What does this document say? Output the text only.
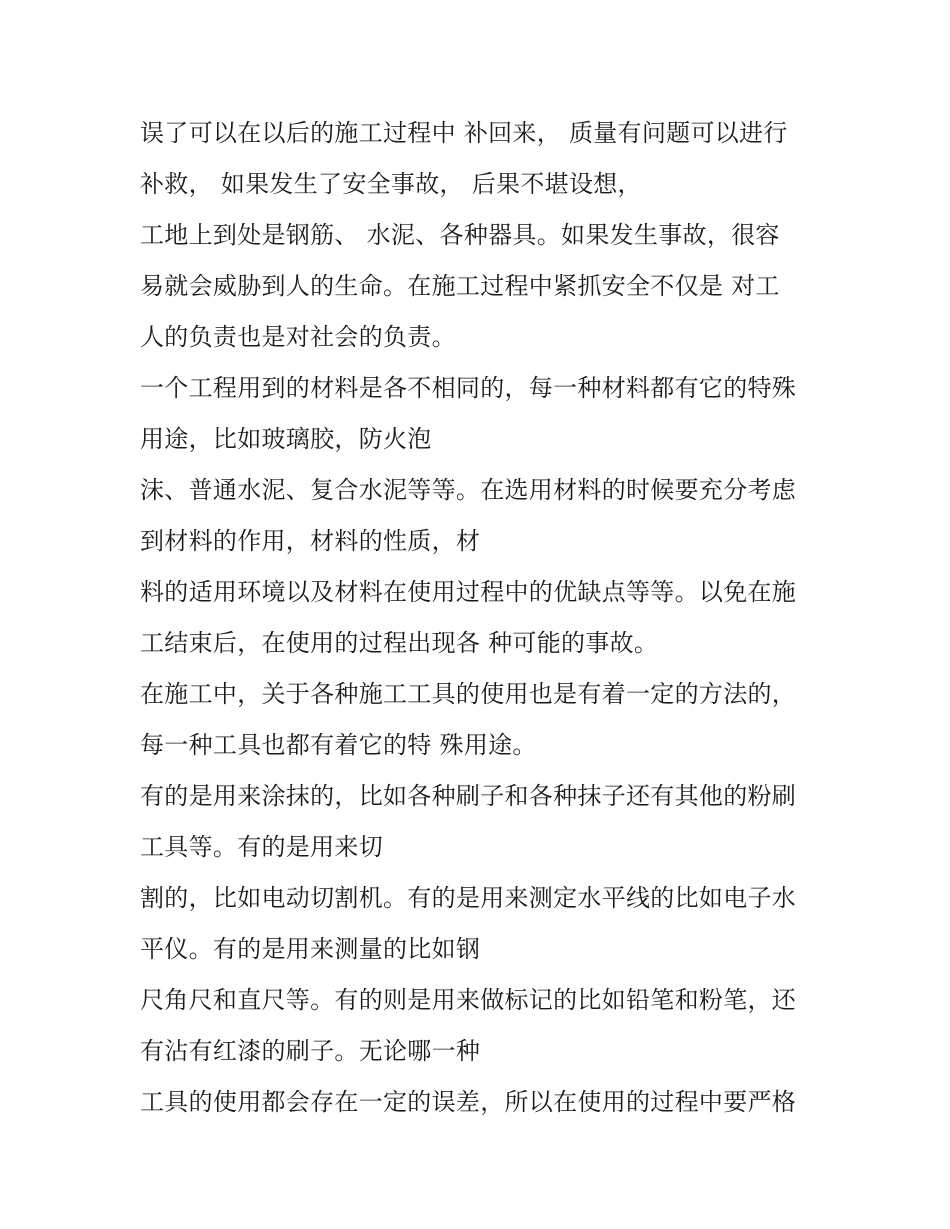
误了可以在以后的施工过程中 补回来， 质量有问题可以进行
补救， 如果发生了安全事故， 后果不堪设想，
工地上到处是钢筋、 水泥、各种器具。如果发生事故，很容
易就会威胁到人的生命。在施工过程中紧抓安全不仅是 对工
人的负责也是对社会的负责。
一个工程用到的材料是各不相同的，每一种材料都有它的特殊
用途，比如玻璃胶，防火泡
沫、普通水泥、复合水泥等等。在选用材料的时候要充分考虑
到材料的作用，材料的性质，材
料的适用环境以及材料在使用过程中的优缺点等等。以免在施
工结束后，在使用的过程出现各 种可能的事故。
在施工中，关于各种施工工具的使用也是有着一定的方法的，
每一种工具也都有着它的特 殊用途。
有的是用来涂抹的，比如各种刷子和各种抹子还有其他的粉刷
工具等。有的是用来切
割的，比如电动切割机。有的是用来测定水平线的比如电子水
平仪。有的是用来测量的比如钢
尺角尺和直尺等。有的则是用来做标记的比如铅笔和粉笔，还
有沾有红漆的刷子。无论哪一种
工具的使用都会存在一定的误差，所以在使用的过程中要严格
